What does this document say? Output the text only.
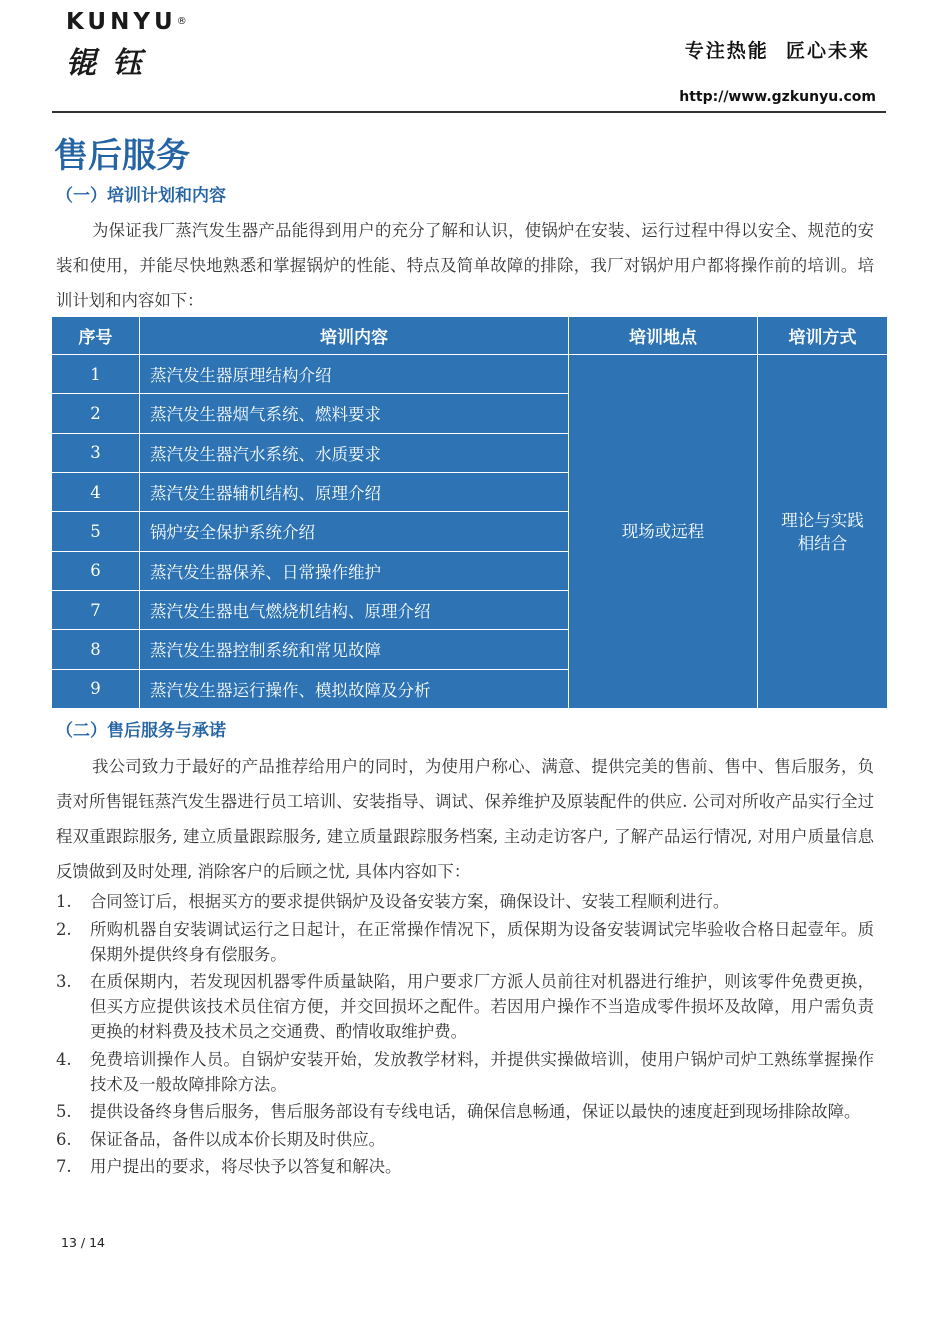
KUNYU®
锟钰	专注热能  匠心未来
http://www.gzkunyu.com
售后服务
（一）培训计划和内容

为保证我厂蒸汽发生器产品能得到用户的充分了解和认识，使锅炉在安装、运行过程中得以安全、规范的安装和使用，并能尽快地熟悉和掌握锅炉的性能、特点及简单故障的排除，我厂对锅炉用户都将操作前的培训。培训计划和内容如下：

序号	培训内容	培训地点	培训方式
1	蒸汽发生器原理结构介绍	现场或远程	理论与实践
相结合
2	蒸汽发生器烟气系统、燃料要求		
3	蒸汽发生器汽水系统、水质要求		
4	蒸汽发生器辅机结构、原理介绍		
5	锅炉安全保护系统介绍		
6	蒸汽发生器保养、日常操作维护		
7	蒸汽发生器电气燃烧机结构、原理介绍		
8	蒸汽发生器控制系统和常见故障		
9	蒸汽发生器运行操作、模拟故障及分析		
（二）售后服务与承诺

我公司致力于最好的产品推荐给用户的同时，为使用户称心、满意、提供完美的售前、售中、售后服务，负责对所售锟钰蒸汽发生器进行员工培训、安装指导、调试、保养维护及原装配件的供应. 公司对所收产品实行全过程双重跟踪服务, 建立质量跟踪服务, 建立质量跟踪服务档案, 主动走访客户, 了解产品运行情况, 对用户质量信息反馈做到及时处理, 消除客户的后顾之忧, 具体内容如下：

1.	合同签订后，根据买方的要求提供锅炉及设备安装方案，确保设计、安装工程顺利进行。
2.	所购机器自安装调试运行之日起计，在正常操作情况下，质保期为设备安装调试完毕验收合格日起壹年。质保期外提供终身有偿服务。
3.	在质保期内，若发现因机器零件质量缺陷，用户要求厂方派人员前往对机器进行维护，则该零件免费更换，但买方应提供该技术员住宿方便，并交回损坏之配件。若因用户操作不当造成零件损坏及故障，用户需负责更换的材料费及技术员之交通费、酌情收取维护费。
4.	免费培训操作人员。自锅炉安装开始，发放教学材料，并提供实操做培训，使用户锅炉司炉工熟练掌握操作技术及一般故障排除方法。
5.	提供设备终身售后服务，售后服务部设有专线电话，确保信息畅通，保证以最快的速度赶到现场排除故障。
6.	保证备品，备件以成本价长期及时供应。
7.	用户提出的要求，将尽快予以答复和解决。
13 / 14
